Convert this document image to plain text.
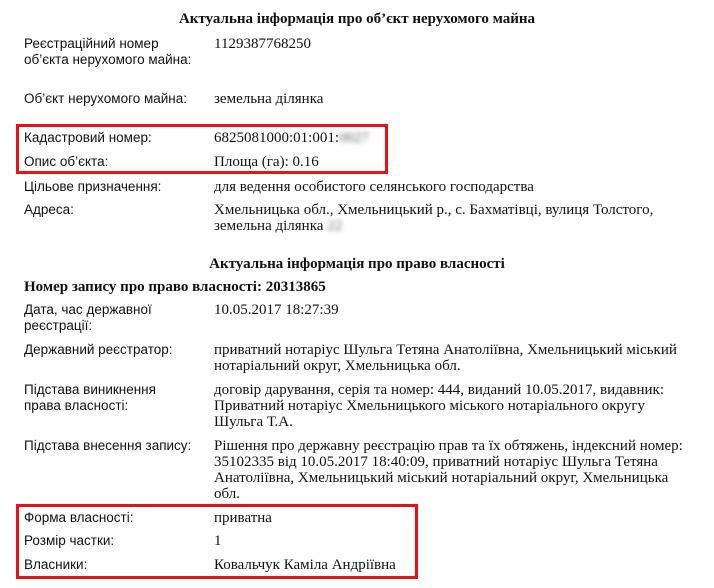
Актуальна інформація про об’єкт нерухомого майна
Реєстраційний номер об’єкта нерухомого майна:
1129387768250
Об’єкт нерухомого майна:	земельна ділянка
Кадастровий номер:	6825081000:01:001:0027
Опис об’єкта:	Площа (га): 0.16
Цільове призначення:	для ведення особистого селянського господарства
Адреса:	Хмельницька обл., Хмельницький р., с. Бахматівці, вулиця Толстого, земельна ділянка 22
Актуальна інформація про право власності
Номер запису про право власності: 20313865
Дата, час державної реєстрації:
10.05.2017 18:27:39
Державний реєстратор:	приватний нотаріус Шульга Тетяна Анатоліївна, Хмельницький міський нотаріальний округ, Хмельницька обл.
Підстава виникнення права власності:
договір дарування, серія та номер: 444, виданий 10.05.2017, видавник: Приватний нотаріус Хмельницького міського нотаріального округу Шульга Т.А.
Підстава внесення запису: Рішення про державну реєстрацію прав та їх обтяжень, індексний номер: 35102335 від 10.05.2017 18:40:09, приватний нотаріус Шульга Тетяна Анатоліївна, Хмельницький міський нотаріальний округ, Хмельницька обл.
Форма власності:	приватна
Розмір частки:	1
Власники:	Ковальчук Каміла Андріївна
